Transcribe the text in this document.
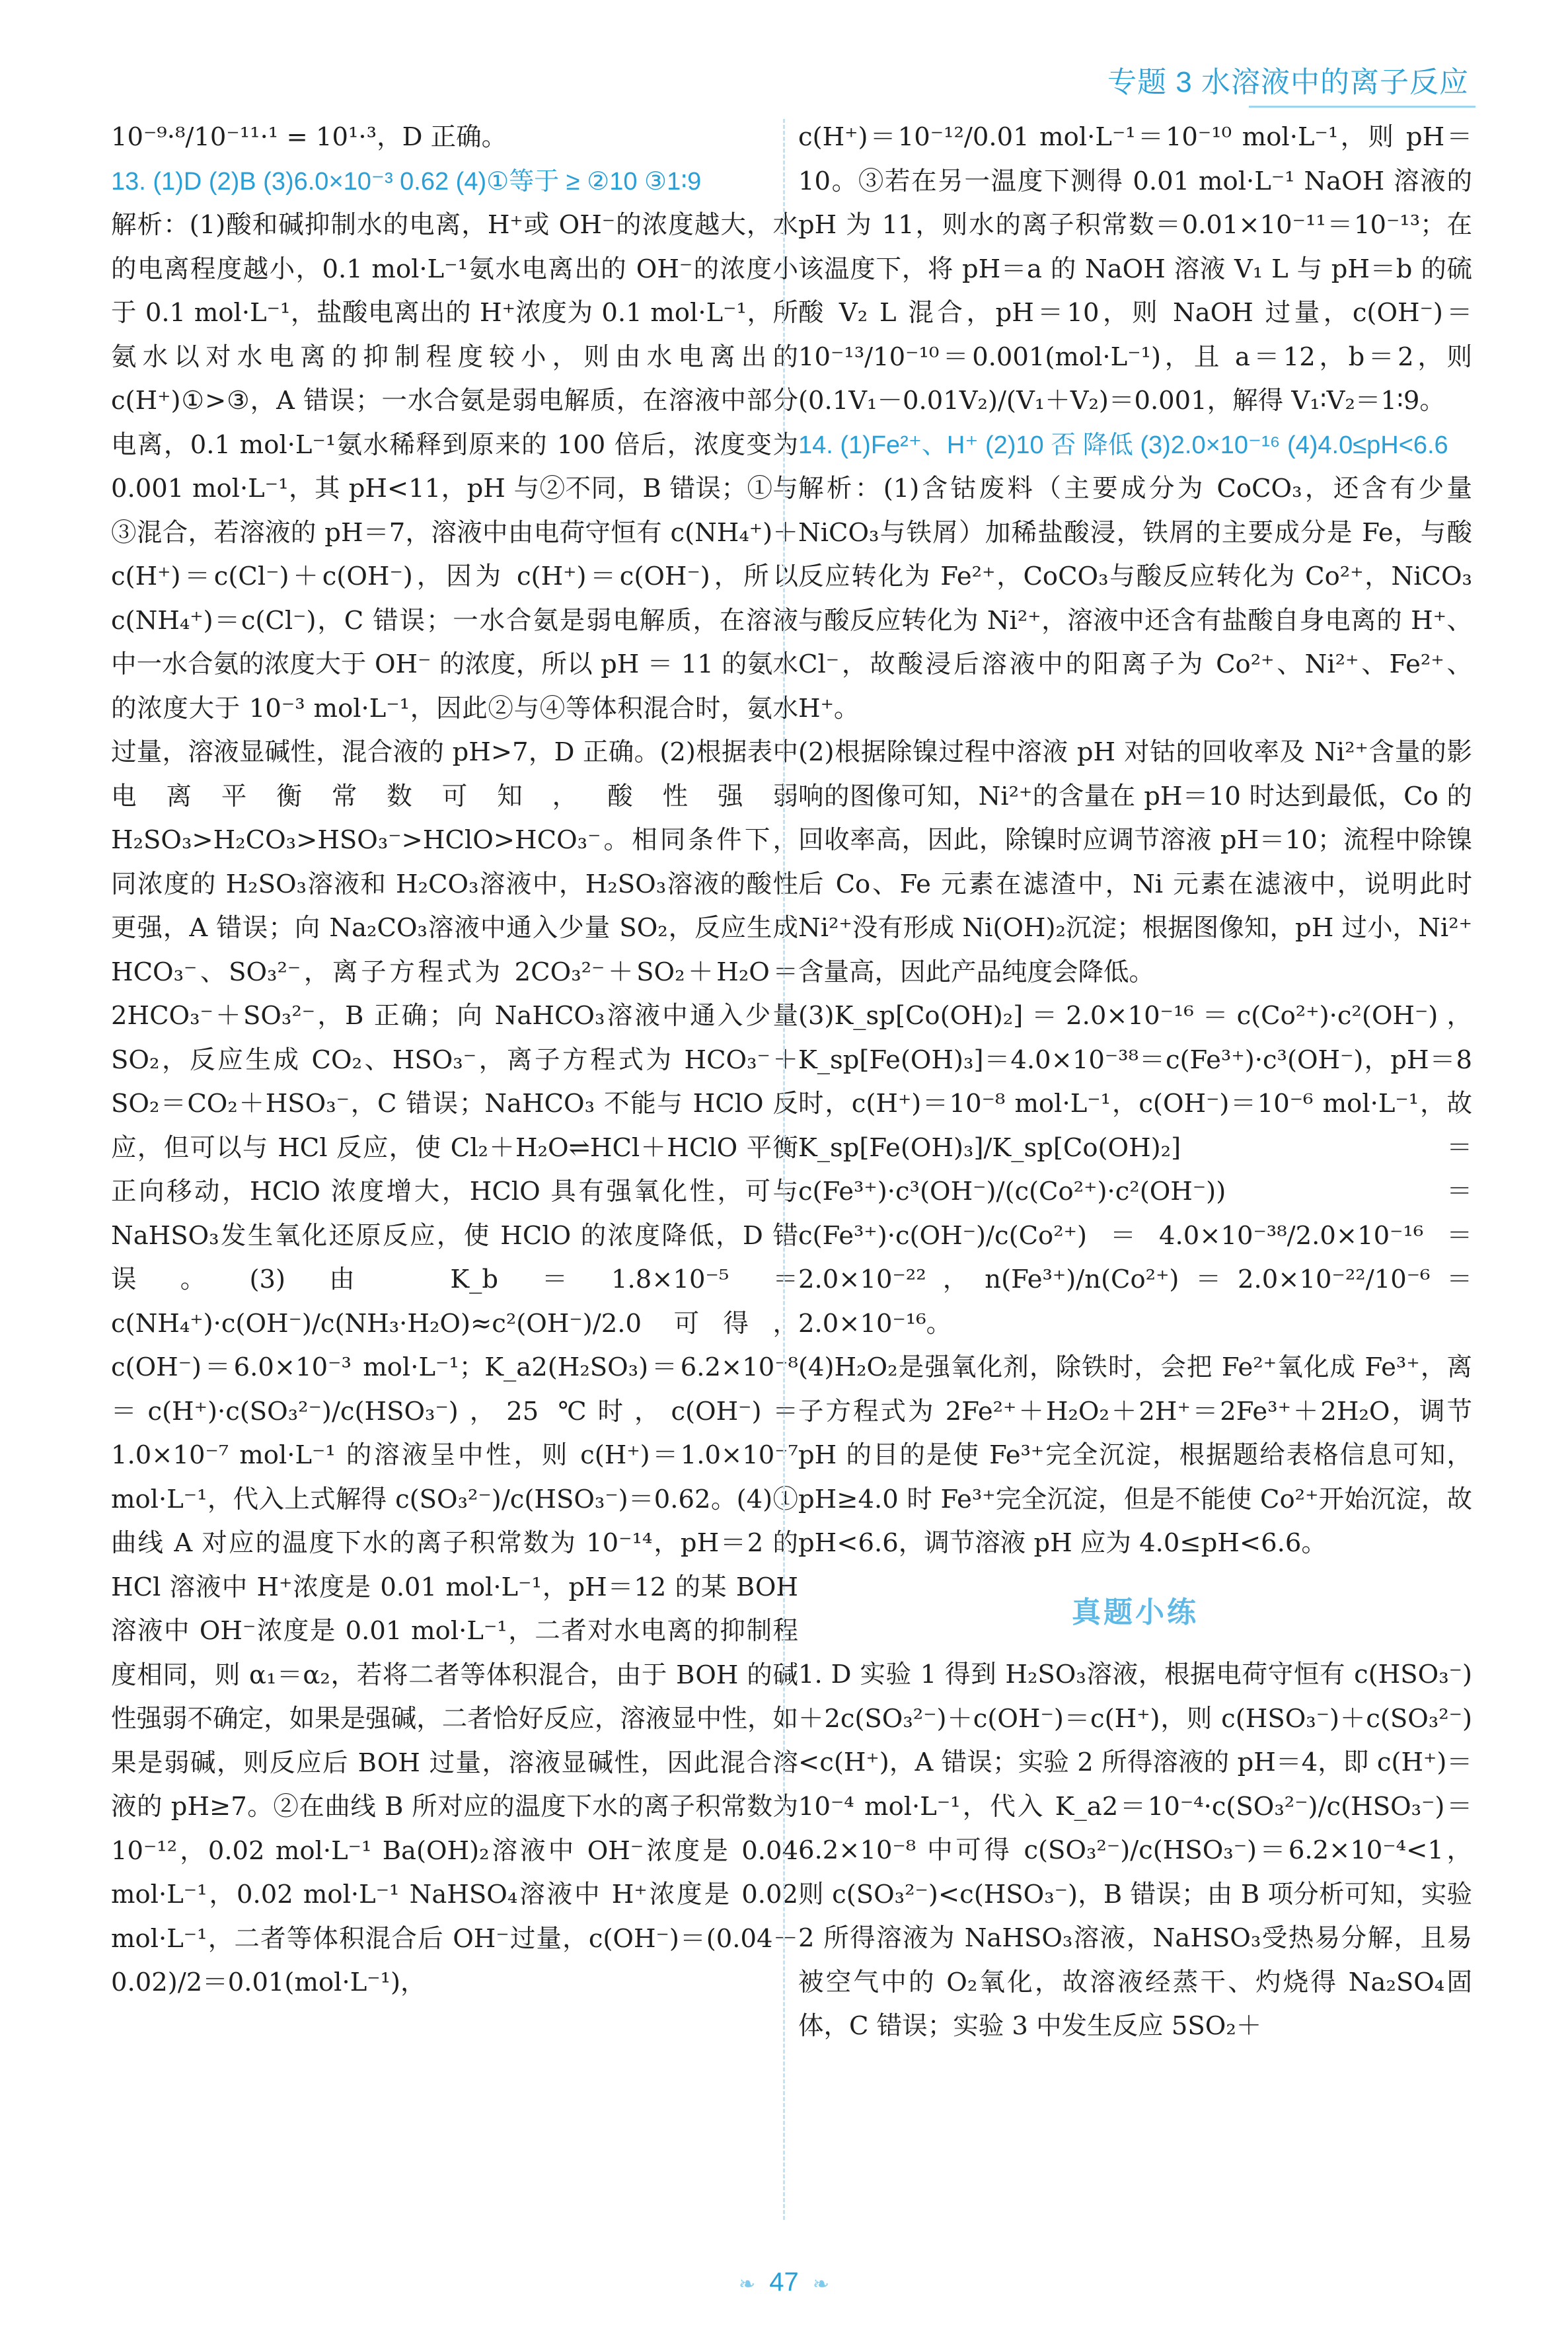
专题 3 水溶液中的离子反应

10⁻⁹·⁸/10⁻¹¹·¹ = 10¹·³，D 正确。

13. (1)D (2)B (3)6.0×10⁻³ 0.62 (4)①等于 ≥ ②10 ③1∶9

解析：(1)酸和碱抑制水的电离，H⁺或 OH⁻的浓度越大，水的电离程度越小，0.1 mol·L⁻¹氨水电离出的 OH⁻的浓度小于 0.1 mol·L⁻¹，盐酸电离出的 H⁺浓度为 0.1 mol·L⁻¹，所氨水以对水电离的抑制程度较小，则由水电离出的 c(H⁺)①>③，A 错误；一水合氨是弱电解质，在溶液中部分电离，0.1 mol·L⁻¹氨水稀释到原来的 100 倍后，浓度变为 0.001 mol·L⁻¹，其 pH<11，pH 与②不同，B 错误；①与③混合，若溶液的 pH＝7，溶液中由电荷守恒有 c(NH₄⁺)＋c(H⁺)＝c(Cl⁻)＋c(OH⁻)，因为 c(H⁺)＝c(OH⁻)，所以 c(NH₄⁺)＝c(Cl⁻)，C 错误；一水合氨是弱电解质，在溶液中一水合氨的浓度大于 OH⁻ 的浓度，所以 pH ＝ 11 的氨水的浓度大于 10⁻³ mol·L⁻¹，因此②与④等体积混合时，氨水过量，溶液显碱性，混合液的 pH>7，D 正确。(2)根据表中电离平衡常数可知，酸性强弱 H₂SO₃>H₂CO₃>HSO₃⁻>HClO>HCO₃⁻。相同条件下，同浓度的 H₂SO₃溶液和 H₂CO₃溶液中，H₂SO₃溶液的酸性更强，A 错误；向 Na₂CO₃溶液中通入少量 SO₂，反应生成 HCO₃⁻、SO₃²⁻，离子方程式为 2CO₃²⁻＋SO₂＋H₂O＝2HCO₃⁻＋SO₃²⁻，B 正确；向 NaHCO₃溶液中通入少量 SO₂，反应生成 CO₂、HSO₃⁻，离子方程式为 HCO₃⁻＋SO₂＝CO₂＋HSO₃⁻，C 错误；NaHCO₃ 不能与 HClO 反应，但可以与 HCl 反应，使 Cl₂＋H₂O⇌HCl＋HClO 平衡正向移动，HClO 浓度增大，HClO 具有强氧化性，可与 NaHSO₃发生氧化还原反应，使 HClO 的浓度降低，D 错误。(3)由 K_b＝1.8×10⁻⁵＝c(NH₄⁺)·c(OH⁻)/c(NH₃·H₂O)≈c²(OH⁻)/2.0 可得，c(OH⁻)＝6.0×10⁻³ mol·L⁻¹；K_a2(H₂SO₃)＝6.2×10⁻⁸＝c(H⁺)·c(SO₃²⁻)/c(HSO₃⁻)，25 ℃时，c(OH⁻)＝1.0×10⁻⁷ mol·L⁻¹ 的溶液呈中性，则 c(H⁺)＝1.0×10⁻⁷ mol·L⁻¹，代入上式解得 c(SO₃²⁻)/c(HSO₃⁻)＝0.62。(4)①曲线 A 对应的温度下水的离子积常数为 10⁻¹⁴，pH＝2 的 HCl 溶液中 H⁺浓度是 0.01 mol·L⁻¹，pH＝12 的某 BOH 溶液中 OH⁻浓度是 0.01 mol·L⁻¹，二者对水电离的抑制程度相同，则 α₁＝α₂，若将二者等体积混合，由于 BOH 的碱性强弱不确定，如果是强碱，二者恰好反应，溶液显中性，如果是弱碱，则反应后 BOH 过量，溶液显碱性，因此混合溶液的 pH≥7。②在曲线 B 所对应的温度下水的离子积常数为 10⁻¹²，0.02 mol·L⁻¹ Ba(OH)₂溶液中 OH⁻浓度是 0.04 mol·L⁻¹，0.02 mol·L⁻¹ NaHSO₄溶液中 H⁺浓度是 0.02 mol·L⁻¹，二者等体积混合后 OH⁻过量，c(OH⁻)＝(0.04－0.02)/2＝0.01(mol·L⁻¹)，

c(H⁺)＝10⁻¹²/0.01 mol·L⁻¹＝10⁻¹⁰ mol·L⁻¹，则 pH＝10。③若在另一温度下测得 0.01 mol·L⁻¹ NaOH 溶液的 pH 为 11，则水的离子积常数＝0.01×10⁻¹¹＝10⁻¹³；在该温度下，将 pH＝a 的 NaOH 溶液 V₁ L 与 pH＝b 的硫酸 V₂ L 混合，pH＝10，则 NaOH 过量，c(OH⁻)＝10⁻¹³/10⁻¹⁰＝0.001(mol·L⁻¹)，且 a＝12，b＝2，则 (0.1V₁－0.01V₂)/(V₁＋V₂)＝0.001，解得 V₁∶V₂＝1∶9。

14. (1)Fe²⁺、H⁺ (2)10 否 降低 (3)2.0×10⁻¹⁶ (4)4.0≤pH<6.6

解析：(1)含钴废料（主要成分为 CoCO₃，还含有少量 NiCO₃与铁屑）加稀盐酸浸，铁屑的主要成分是 Fe，与酸反应转化为 Fe²⁺，CoCO₃与酸反应转化为 Co²⁺，NiCO₃与酸反应转化为 Ni²⁺，溶液中还含有盐酸自身电离的 H⁺、Cl⁻，故酸浸后溶液中的阳离子为 Co²⁺、Ni²⁺、Fe²⁺、H⁺。

(2)根据除镍过程中溶液 pH 对钴的回收率及 Ni²⁺含量的影响的图像可知，Ni²⁺的含量在 pH＝10 时达到最低，Co 的回收率高，因此，除镍时应调节溶液 pH＝10；流程中除镍后 Co、Fe 元素在滤渣中，Ni 元素在滤液中，说明此时 Ni²⁺没有形成 Ni(OH)₂沉淀；根据图像知，pH 过小，Ni²⁺含量高，因此产品纯度会降低。

(3)K_sp[Co(OH)₂]＝2.0×10⁻¹⁶＝c(Co²⁺)·c²(OH⁻)，K_sp[Fe(OH)₃]＝4.0×10⁻³⁸＝c(Fe³⁺)·c³(OH⁻)，pH＝8 时，c(H⁺)＝10⁻⁸ mol·L⁻¹，c(OH⁻)＝10⁻⁶ mol·L⁻¹，故 K_sp[Fe(OH)₃]/K_sp[Co(OH)₂]＝c(Fe³⁺)·c³(OH⁻)/(c(Co²⁺)·c²(OH⁻))＝c(Fe³⁺)·c(OH⁻)/c(Co²⁺)＝4.0×10⁻³⁸/2.0×10⁻¹⁶＝2.0×10⁻²²，n(Fe³⁺)/n(Co²⁺)＝2.0×10⁻²²/10⁻⁶＝2.0×10⁻¹⁶。

(4)H₂O₂是强氧化剂，除铁时，会把 Fe²⁺氧化成 Fe³⁺，离子方程式为 2Fe²⁺＋H₂O₂＋2H⁺＝2Fe³⁺＋2H₂O，调节 pH 的目的是使 Fe³⁺完全沉淀，根据题给表格信息可知，pH≥4.0 时 Fe³⁺完全沉淀，但是不能使 Co²⁺开始沉淀，故 pH<6.6，调节溶液 pH 应为 4.0≤pH<6.6。

真题小练

1. D 实验 1 得到 H₂SO₃溶液，根据电荷守恒有 c(HSO₃⁻)＋2c(SO₃²⁻)＋c(OH⁻)＝c(H⁺)，则 c(HSO₃⁻)＋c(SO₃²⁻)<c(H⁺)，A 错误；实验 2 所得溶液的 pH＝4，即 c(H⁺)＝10⁻⁴ mol·L⁻¹，代入 K_a2＝10⁻⁴·c(SO₃²⁻)/c(HSO₃⁻)＝6.2×10⁻⁸ 中可得 c(SO₃²⁻)/c(HSO₃⁻)＝6.2×10⁻⁴<1，则 c(SO₃²⁻)<c(HSO₃⁻)，B 错误；由 B 项分析可知，实验 2 所得溶液为 NaHSO₃溶液，NaHSO₃受热易分解，且易被空气中的 O₂氧化，故溶液经蒸干、灼烧得 Na₂SO₄固体，C 错误；实验 3 中发生反应 5SO₂＋

❧ 47 ❧
